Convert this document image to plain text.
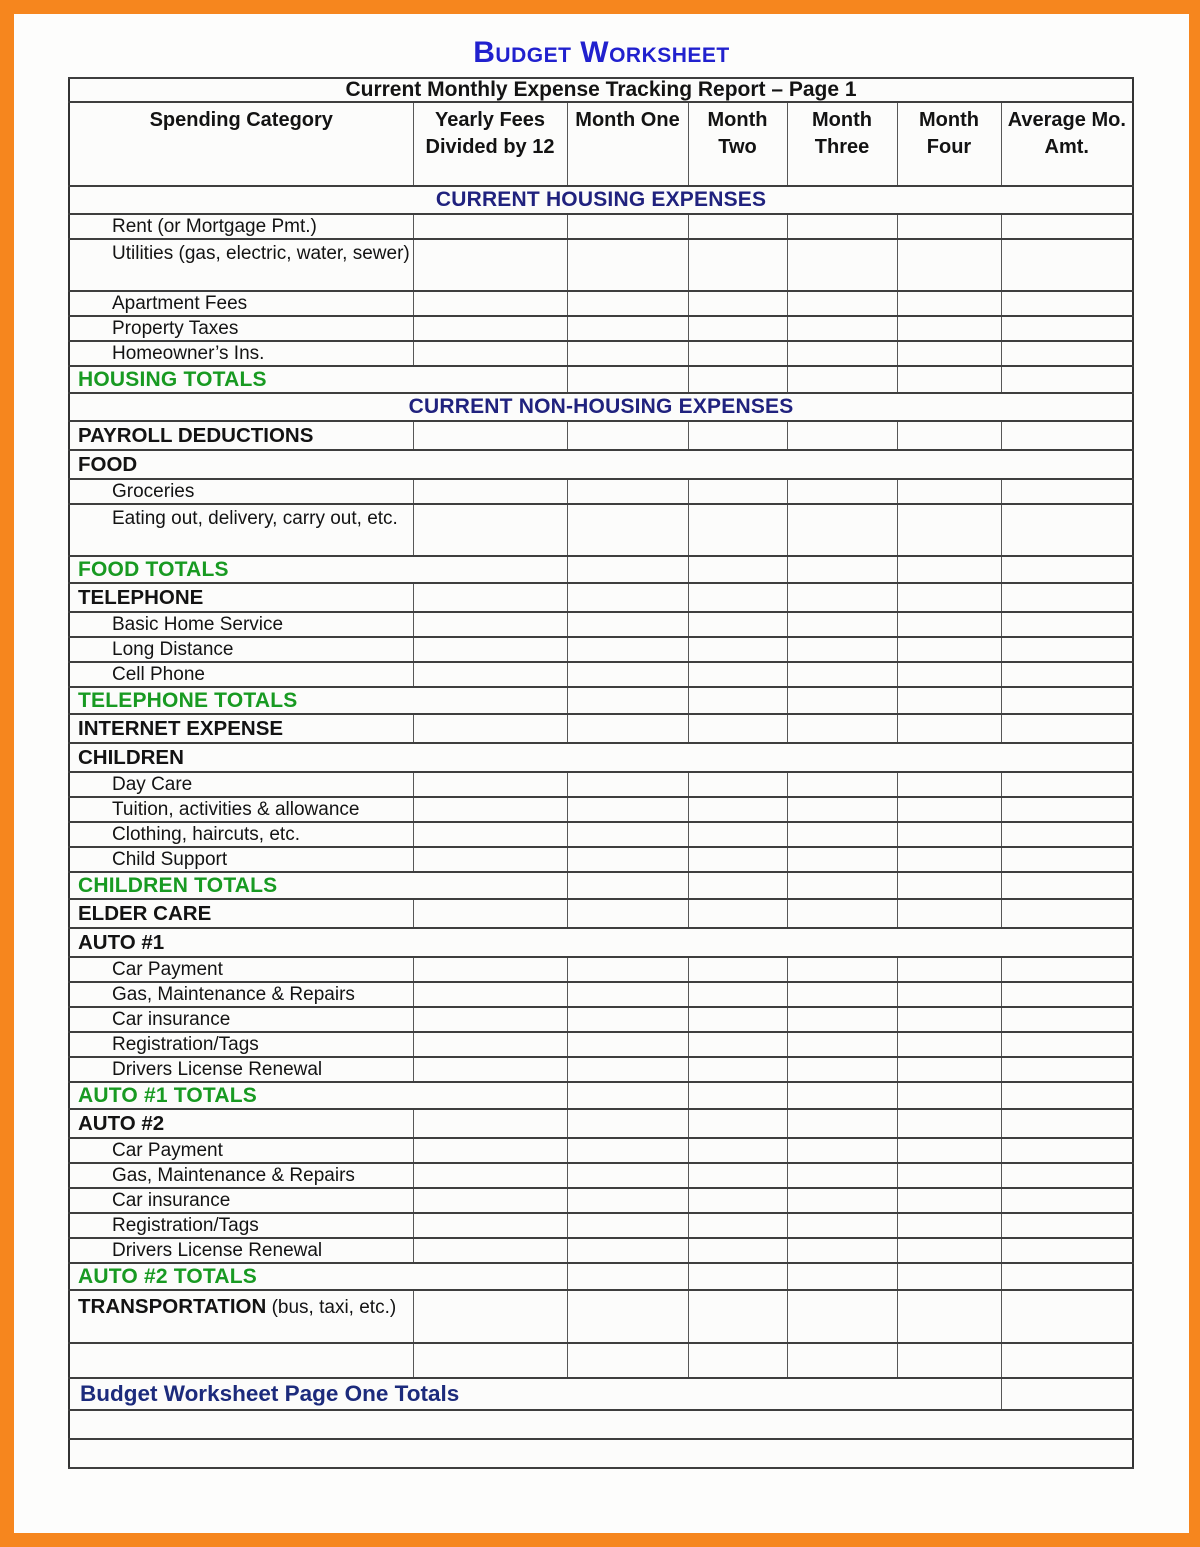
Budget Worksheet
Current Monthly Expense Tracking Report – Page 1						
Spending Category	Yearly Fees Divided by 12	Month One	Month Two	Month Three	Month Four	Average Mo. Amt.
CURRENT HOUSING EXPENSES						
Rent (or Mortgage Pmt.)						
Utilities (gas, electric, water, sewer)						
Apartment Fees						
Property Taxes						
Homeowner’s Ins.						
HOUSING TOTALS						
CURRENT NON-HOUSING EXPENSES						
PAYROLL DEDUCTIONS						
FOOD						
Groceries						
Eating out, delivery, carry out, etc.						
FOOD TOTALS						
TELEPHONE						
Basic Home Service						
Long Distance						
Cell Phone						
TELEPHONE TOTALS						
INTERNET EXPENSE						
CHILDREN						
Day Care						
Tuition, activities & allowance						
Clothing, haircuts, etc.						
Child Support						
CHILDREN TOTALS						
ELDER CARE						
AUTO #1						
Car Payment						
Gas, Maintenance & Repairs						
Car insurance						
Registration/Tags						
Drivers License Renewal						
AUTO #1 TOTALS						
AUTO #2						
Car Payment						
Gas, Maintenance & Repairs						
Car insurance						
Registration/Tags						
Drivers License Renewal						
AUTO #2 TOTALS						
TRANSPORTATION (bus, taxi, etc.)						

Budget Worksheet Page One Totals						
